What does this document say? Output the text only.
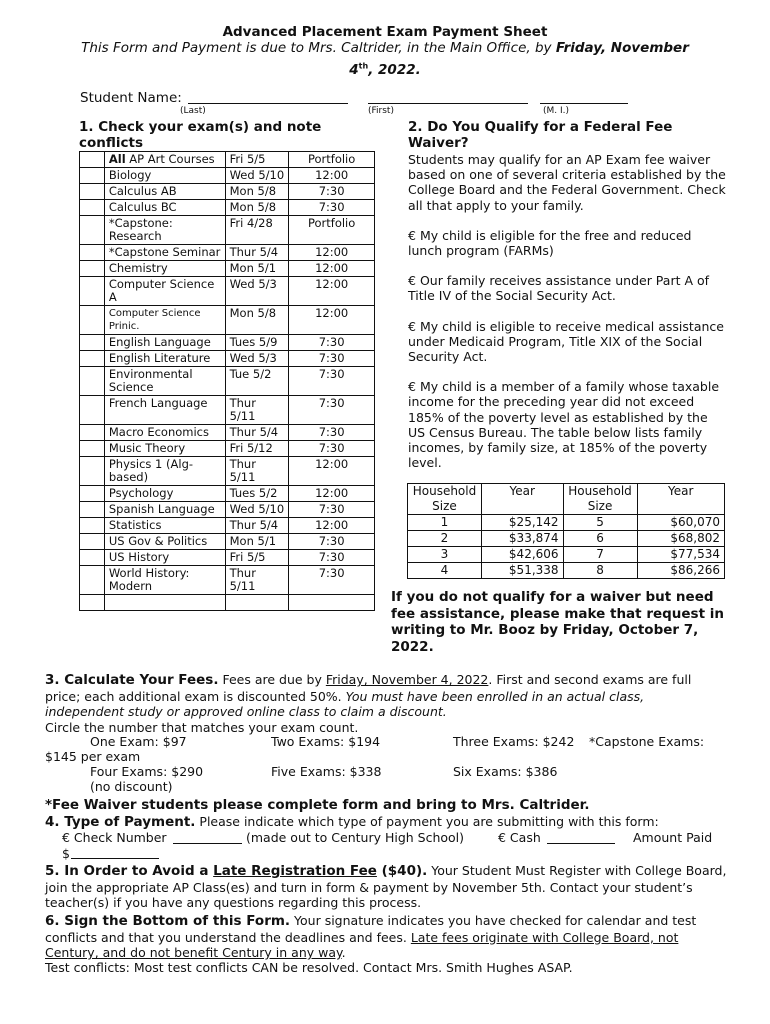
Advanced Placement Exam Payment Sheet
This Form and Payment is due to Mrs. Caltrider, in the Main Office, by Friday, November 4th, 2022.
Student Name:
(Last)	(First)	(M. I.)
1. Check your exam(s) and note conflicts
	All AP Art Courses	Fri 5/5	Portfolio
	Biology	Wed 5/10	12:00
	Calculus AB	Mon 5/8	7:30
	Calculus BC	Mon 5/8	7:30
	*Capstone: Research	Fri 4/28	Portfolio
	*Capstone Seminar	Thur 5/4	12:00
	Chemistry	Mon 5/1	12:00
	Computer Science A	Wed 5/3	12:00
	Computer Science Prinic.	Mon 5/8	12:00
	English Language	Tues 5/9	7:30
	English Literature	Wed 5/3	7:30
	Environmental Science	Tue 5/2	7:30
	French Language	Thur 5/11	7:30
	Macro Economics	Thur 5/4	7:30
	Music Theory	Fri 5/12	7:30
	Physics 1 (Alg-based)	Thur 5/11	12:00
	Psychology	Tues 5/2	12:00
	Spanish Language	Wed 5/10	7:30
	Statistics	Thur 5/4	12:00
	US Gov & Politics	Mon 5/1	7:30
	US History	Fri 5/5	7:30
	World History: Modern	Thur 5/11	7:30

2. Do You Qualify for a Federal Fee Waiver?
Students may qualify for an AP Exam fee waiver based on one of several criteria established by the College Board and the Federal Government. Check all that apply to your family.
€ My child is eligible for the free and reduced lunch program (FARMs)
€ Our family receives assistance under Part A of Title IV of the Social Security Act.
€ My child is eligible to receive medical assistance under Medicaid Program, Title XIX of the Social Security Act.
€ My child is a member of a family whose taxable income for the preceding year did not exceed 185% of the poverty level as established by the US Census Bureau. The table below lists family incomes, by family size, at 185% of the poverty level.
Household Size	Year	Household Size	Year
1	$25,142	5	$60,070
2	$33,874	6	$68,802
3	$42,606	7	$77,534
4	$51,338	8	$86,266
If you do not qualify for a waiver but need fee assistance, please make that request in writing to Mr. Booz by Friday, October 7, 2022.
3. Calculate Your Fees. Fees are due by Friday, November 4, 2022. First and second exams are full price; each additional exam is discounted 50%. You must have been enrolled in an actual class, independent study or approved online class to claim a discount.
Circle the number that matches your exam count.
One Exam: $97	Two Exams: $194	Three Exams: $242 *Capstone Exams:
$145 per exam
Four Exams: $290
(no discount)
Five Exams: $338	Six Exams: $386
*Fee Waiver students please complete form and bring to Mrs. Caltrider.
4. Type of Payment. Please indicate which type of payment you are submitting with this form:
€ Check Number	(made out to Century High School)	€ Cash	Amount Paid
$
5. In Order to Avoid a Late Registration Fee ($40). Your Student Must Register with College Board, join the appropriate AP Class(es) and turn in form & payment by November 5th. Contact your student’s teacher(s) if you have any questions regarding this process.
6. Sign the Bottom of this Form. Your signature indicates you have checked for calendar and test conflicts and that you understand the deadlines and fees. Late fees originate with College Board, not Century, and do not benefit Century in any way.
Test conflicts: Most test conflicts CAN be resolved. Contact Mrs. Smith Hughes ASAP.
